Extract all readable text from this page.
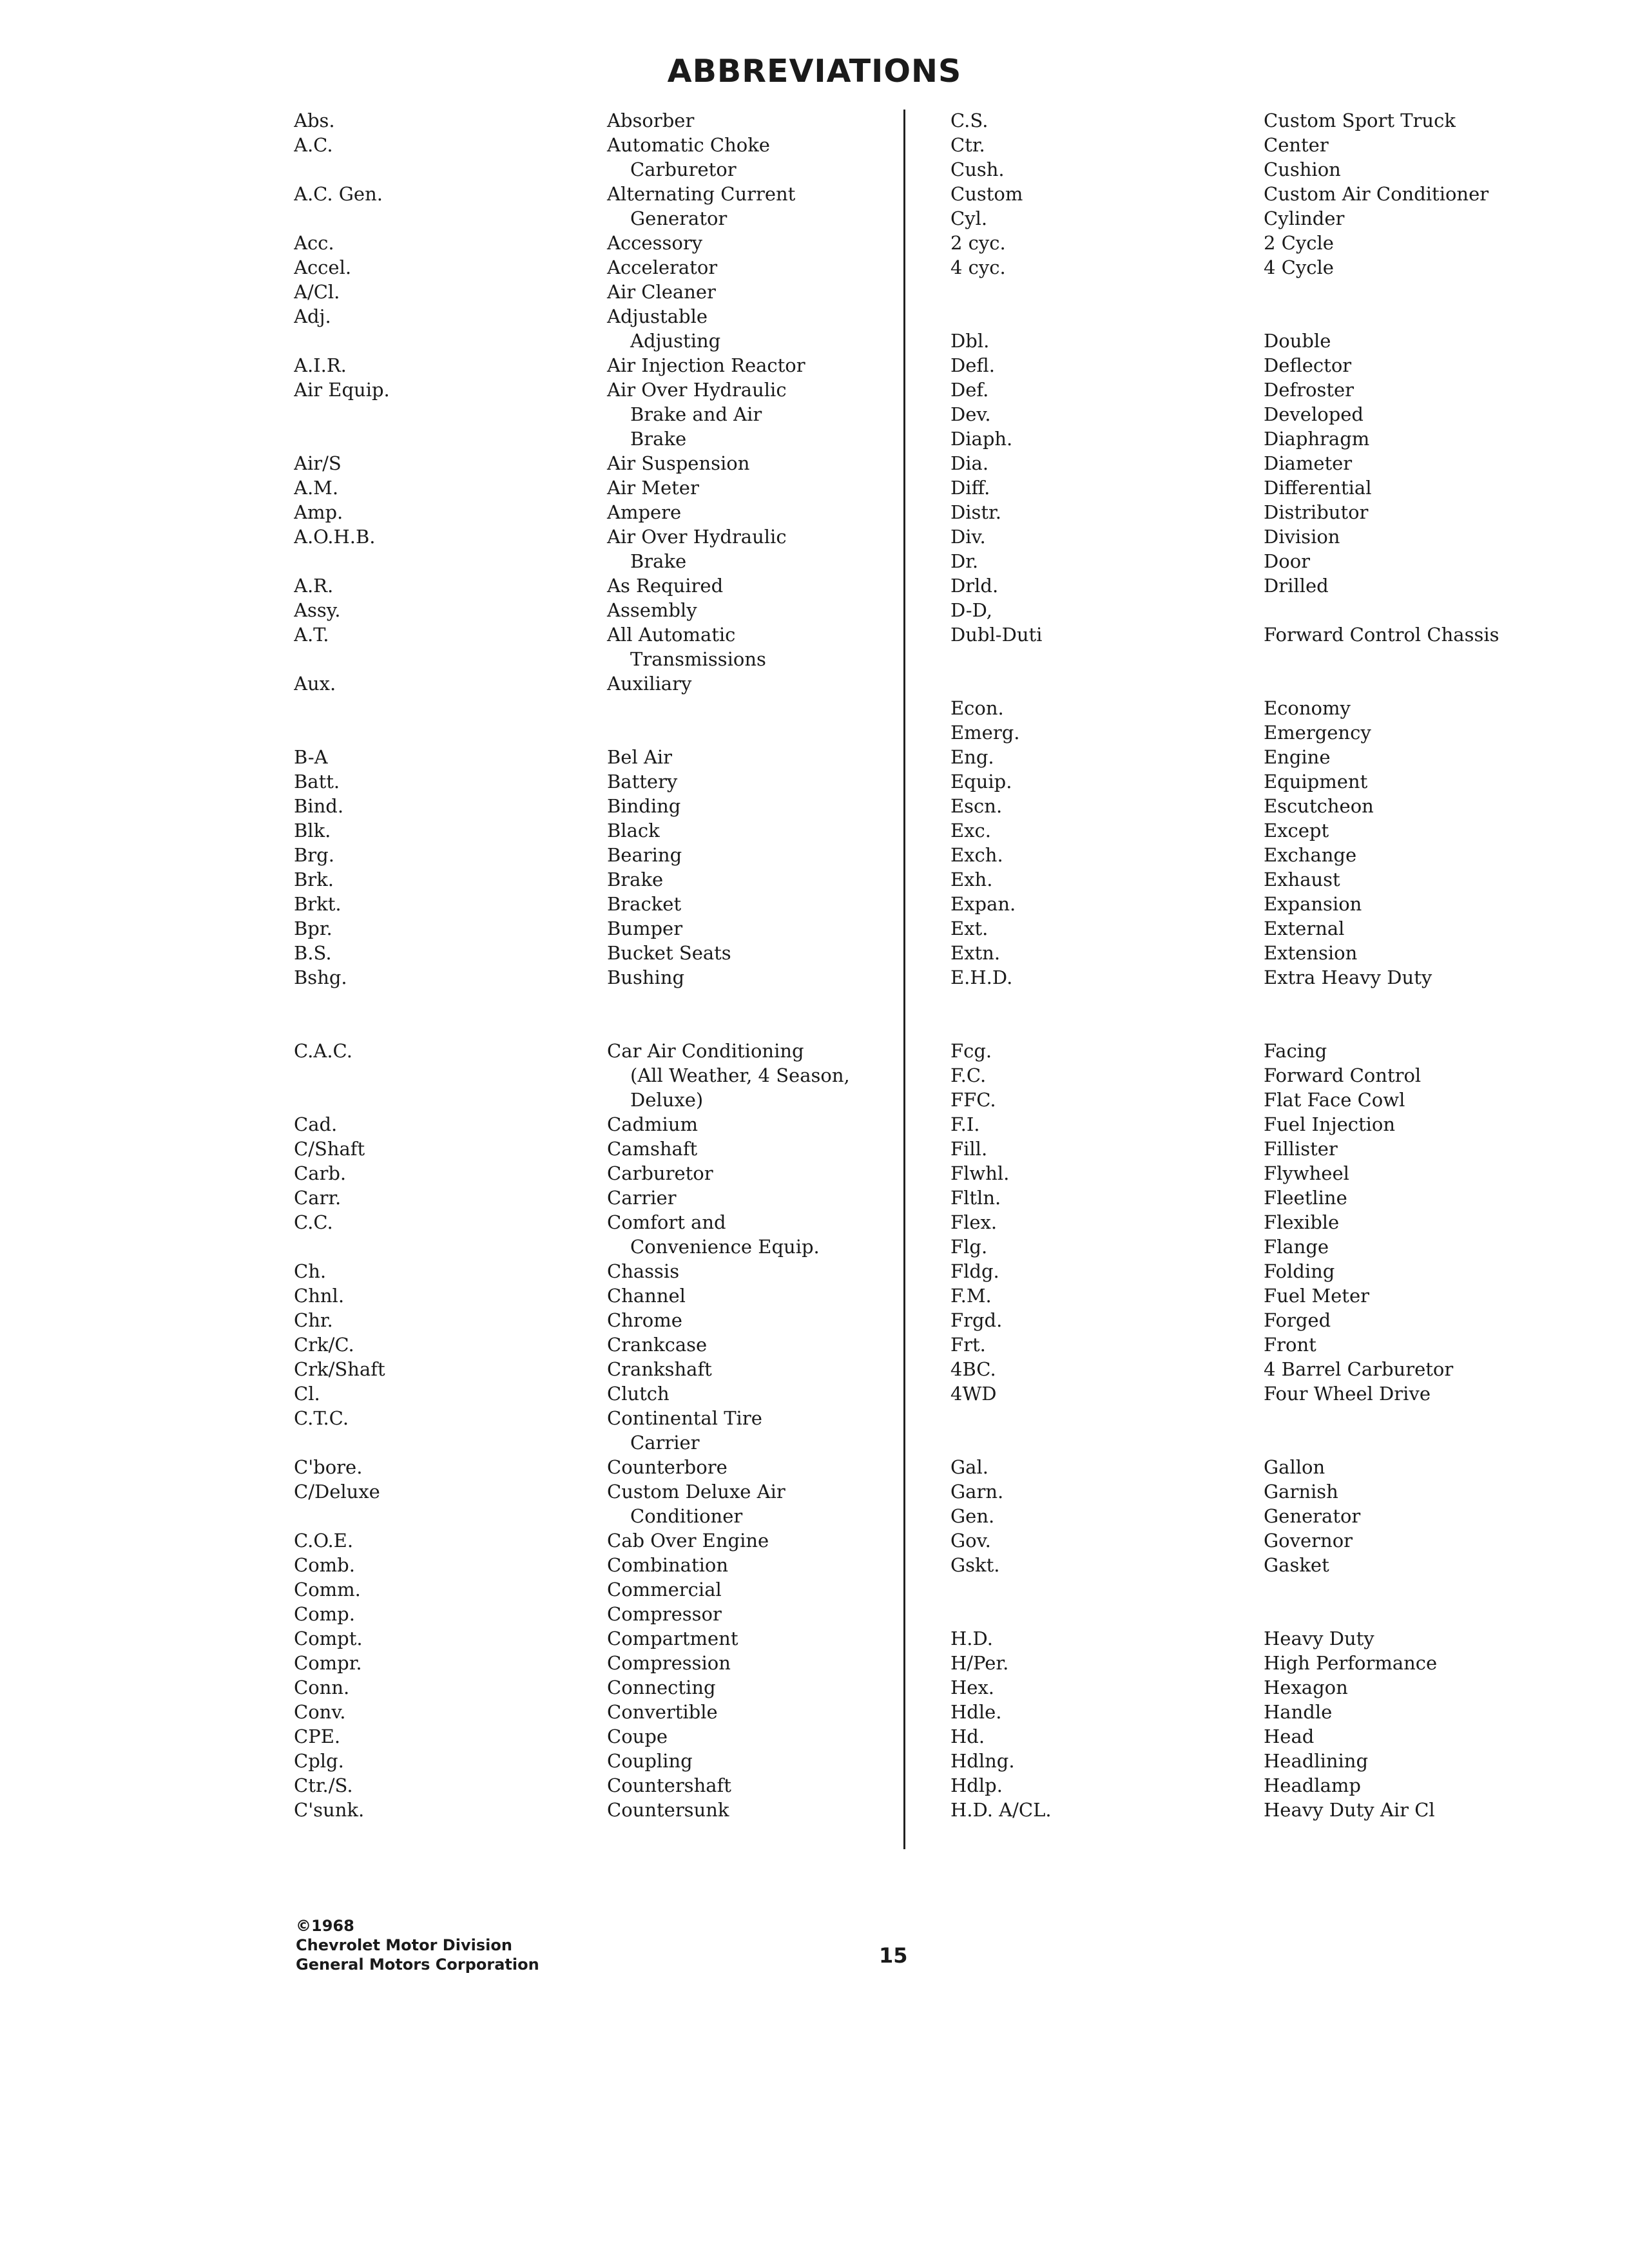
ABBREVIATIONS
Abs.	Absorber
A.C.	Automatic Choke
Carburetor
A.C. Gen.	Alternating Current
Generator
Acc.	Accessory
Accel.	Accelerator
A/Cl.	Air Cleaner
Adj.	Adjustable
Adjusting
A.I.R.	Air Injection Reactor
Air Equip.	Air Over Hydraulic
Brake and Air
Brake
Air/S	Air Suspension
A.M.	Air Meter
Amp.	Ampere
A.O.H.B.	Air Over Hydraulic
Brake
A.R.	As Required
Assy.	Assembly
A.T.	All Automatic
Transmissions
Aux.	Auxiliary
B-A	Bel Air
Batt.	Battery
Bind.	Binding
Blk.	Black
Brg.	Bearing
Brk.	Brake
Brkt.	Bracket
Bpr.	Bumper
B.S.	Bucket Seats
Bshg.	Bushing
C.A.C.	Car Air Conditioning
(All Weather, 4 Season,
Deluxe)
Cad.	Cadmium
C/Shaft	Camshaft
Carb.	Carburetor
Carr.	Carrier
C.C.	Comfort and
Convenience Equip.
Ch.	Chassis
Chnl.	Channel
Chr.	Chrome
Crk/C.	Crankcase
Crk/Shaft	Crankshaft
Cl.	Clutch
C.T.C.	Continental Tire
Carrier
C'bore.	Counterbore
C/Deluxe	Custom Deluxe Air
Conditioner
C.O.E.	Cab Over Engine
Comb.	Combination
Comm.	Commercial
Comp.	Compressor
Compt.	Compartment
Compr.	Compression
Conn.	Connecting
Conv.	Convertible
CPE.	Coupe
Cplg.	Coupling
Ctr./S.	Countershaft
C'sunk.	Countersunk
C.S.	Custom Sport Truck
Ctr.	Center
Cush.	Cushion
Custom	Custom Air Conditioner
Cyl.	Cylinder
2 cyc.	2 Cycle
4 cyc.	4 Cycle
Dbl.	Double
Defl.	Deflector
Def.	Defroster
Dev.	Developed
Diaph.	Diaphragm
Dia.	Diameter
Diff.	Differential
Distr.	Distributor
Div.	Division
Dr.	Door
Drld.	Drilled
D-D,

Dubl-Duti	Forward Control Chassis
Econ.	Economy
Emerg.	Emergency
Eng.	Engine
Equip.	Equipment
Escn.	Escutcheon
Exc.	Except
Exch.	Exchange
Exh.	Exhaust
Expan.	Expansion
Ext.	External
Extn.	Extension
E.H.D.	Extra Heavy Duty
Fcg.	Facing
F.C.	Forward Control
FFC.	Flat Face Cowl
F.I.	Fuel Injection
Fill.	Fillister
Flwhl.	Flywheel
Fltln.	Fleetline
Flex.	Flexible
Flg.	Flange
Fldg.	Folding
F.M.	Fuel Meter
Frgd.	Forged
Frt.	Front
4BC.	4 Barrel Carburetor
4WD	Four Wheel Drive
Gal.	Gallon
Garn.	Garnish
Gen.	Generator
Gov.	Governor
Gskt.	Gasket
H.D.	Heavy Duty
H/Per.	High Performance
Hex.	Hexagon
Hdle.	Handle
Hd.	Head
Hdlng.	Headlining
Hdlp.	Headlamp
H.D. A/CL.	Heavy Duty Air Cl
©1968
Chevrolet Motor Division
General Motors Corporation	15
